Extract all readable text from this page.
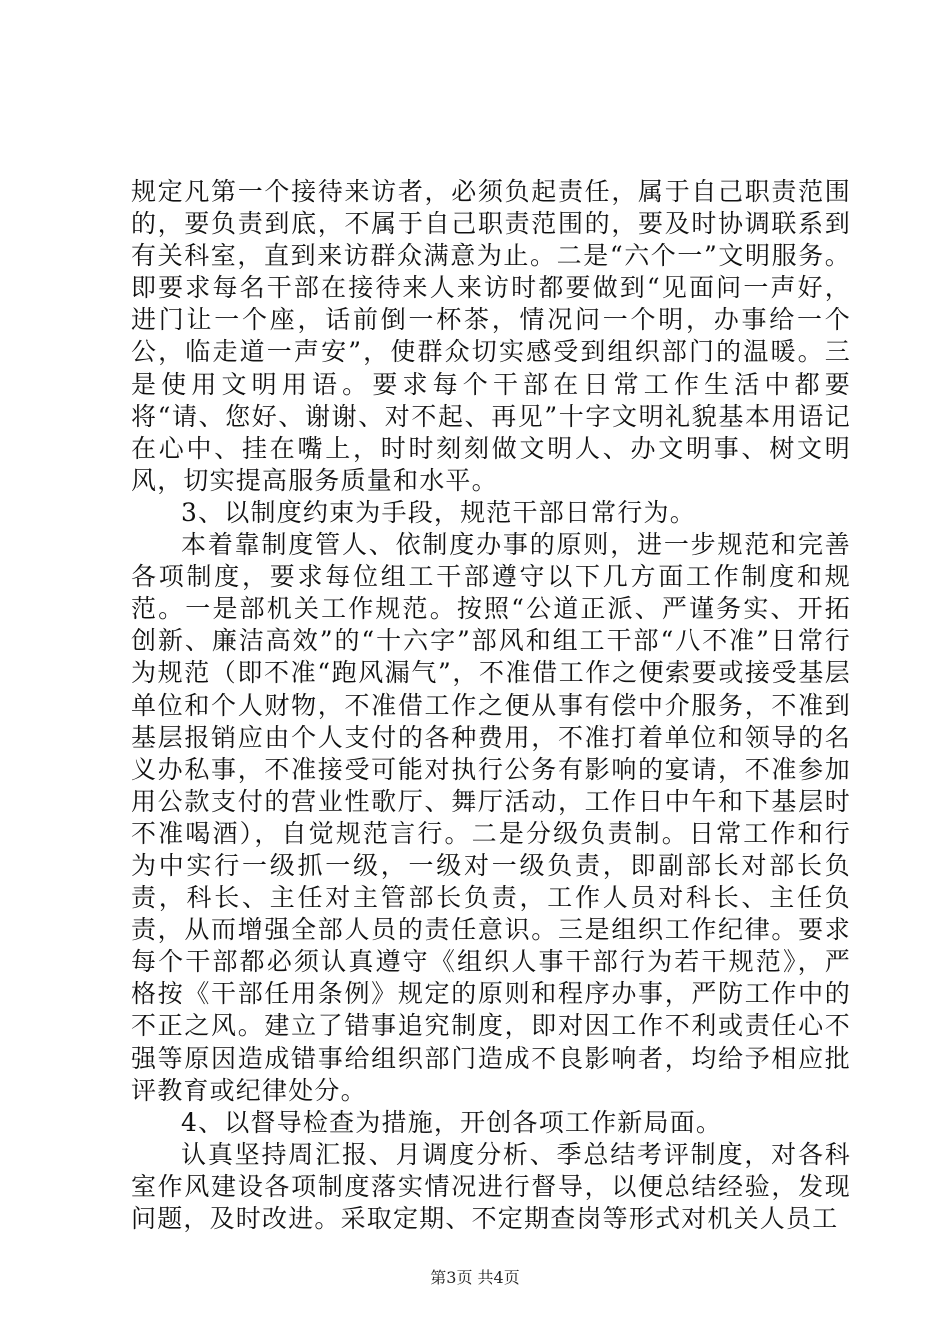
规定凡第一个接待来访者，必须负起责任，属于自己职责范围的，要负责到底，不属于自己职责范围的，要及时协调联系到有关科室，直到来访群众满意为止。二是“六个一”文明服务。即要求每名干部在接待来人来访时都要做到“见面问一声好，进门让一个座，话前倒一杯茶，情况问一个明，办事给一个公，临走道一声安”，使群众切实感受到组织部门的温暖。三是使用文明用语。要求每个干部在日常工作生活中都要将“请、您好、谢谢、对不起、再见”十字文明礼貌基本用语记在心中、挂在嘴上，时时刻刻做文明人、办文明事、树文明风，切实提高服务质量和水平。

3、以制度约束为手段，规范干部日常行为。

本着靠制度管人、依制度办事的原则，进一步规范和完善各项制度，要求每位组工干部遵守以下几方面工作制度和规范。一是部机关工作规范。按照“公道正派、严谨务实、开拓创新、廉洁高效”的“十六字”部风和组工干部“八不准”日常行为规范（即不准“跑风漏气”，不准借工作之便索要或接受基层单位和个人财物，不准借工作之便从事有偿中介服务，不准到基层报销应由个人支付的各种费用，不准打着单位和领导的名义办私事，不准接受可能对执行公务有影响的宴请，不准参加用公款支付的营业性歌厅、舞厅活动，工作日中午和下基层时不准喝酒），自觉规范言行。二是分级负责制。日常工作和行为中实行一级抓一级，一级对一级负责，即副部长对部长负责，科长、主任对主管部长负责，工作人员对科长、主任负责，从而增强全部人员的责任意识。三是组织工作纪律。要求每个干部都必须认真遵守《组织人事干部行为若干规范》，严格按《干部任用条例》规定的原则和程序办事，严防工作中的不正之风。建立了错事追究制度，即对因工作不利或责任心不强等原因造成错事给组织部门造成不良影响者，均给予相应批评教育或纪律处分。

4、以督导检查为措施，开创各项工作新局面。

认真坚持周汇报、月调度分析、季总结考评制度，对各科室作风建设各项制度落实情况进行督导，以便总结经验，发现问题，及时改进。采取定期、不定期查岗等形式对机关人员工

第3页 共4页
